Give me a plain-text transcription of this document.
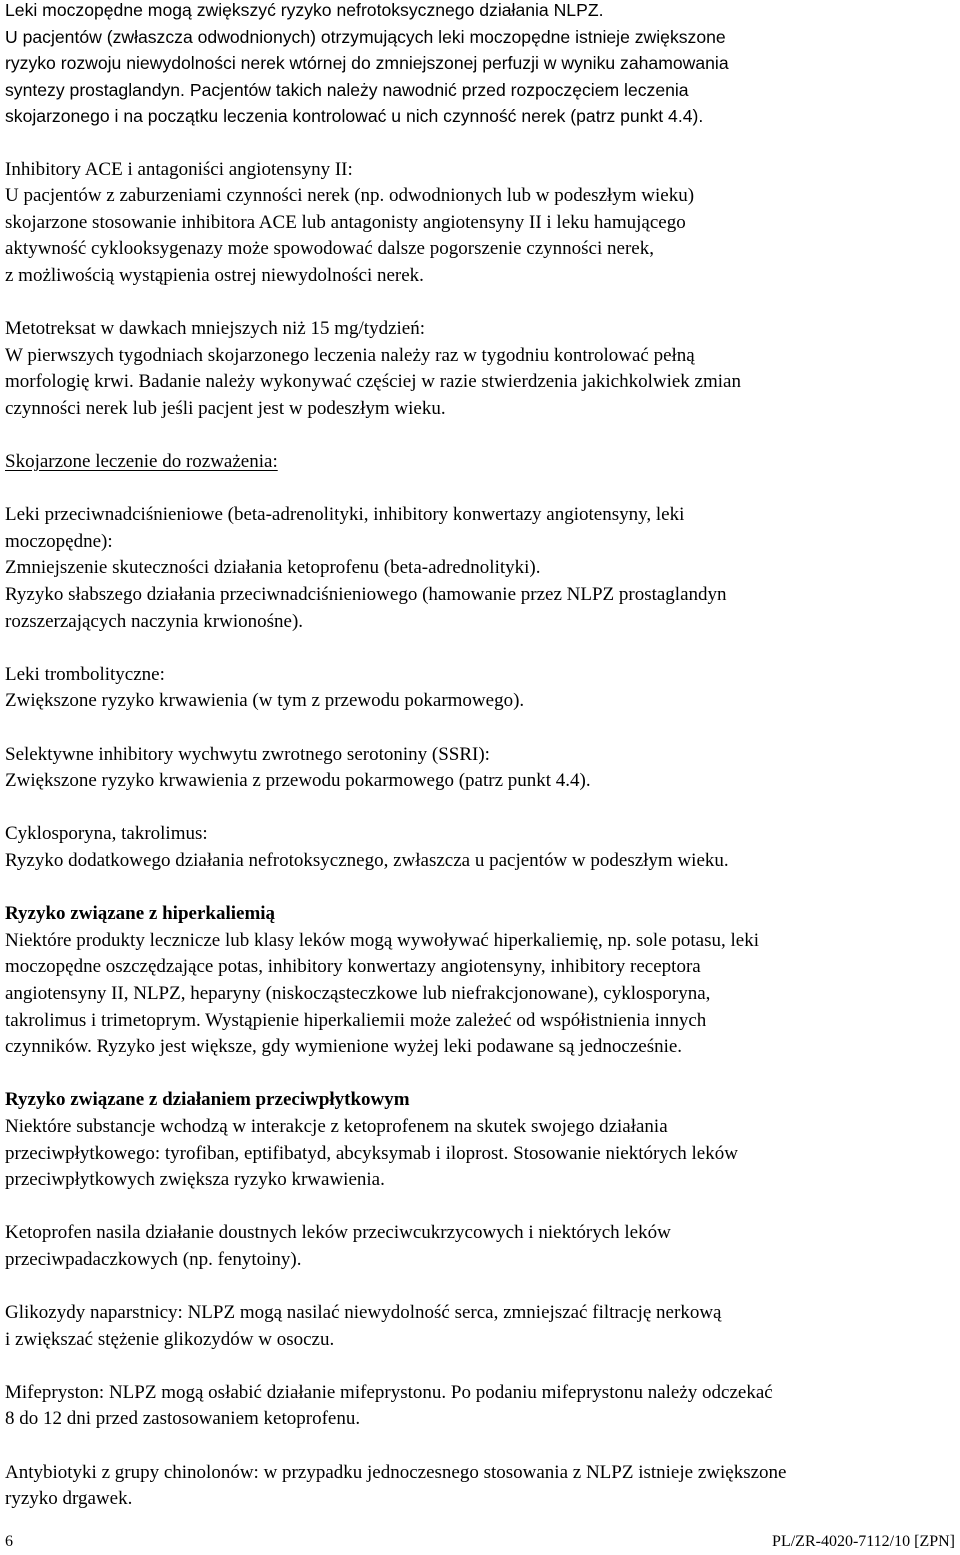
Leki moczopędne mogą zwiększyć ryzyko nefrotoksycznego działania NLPZ.
U pacjentów (zwłaszcza odwodnionych) otrzymujących leki moczopędne istnieje zwiększone
ryzyko rozwoju niewydolności nerek wtórnej do zmniejszonej perfuzji w wyniku zahamowania
syntezy prostaglandyn. Pacjentów takich należy nawodnić przed rozpoczęciem leczenia
skojarzonego i na początku leczenia kontrolować u nich czynność nerek (patrz punkt 4.4).
Inhibitory ACE i antagoniści angiotensyny II:
U pacjentów z zaburzeniami czynności nerek (np. odwodnionych lub w podeszłym wieku)
skojarzone stosowanie inhibitora ACE lub antagonisty angiotensyny II i leku hamującego
aktywność cyklooksygenazy może spowodować dalsze pogorszenie czynności nerek,
z możliwością wystąpienia ostrej niewydolności nerek.
Metotreksat w dawkach mniejszych niż 15 mg/tydzień:
W pierwszych tygodniach skojarzonego leczenia należy raz w tygodniu kontrolować pełną
morfologię krwi. Badanie należy wykonywać częściej w razie stwierdzenia jakichkolwiek zmian
czynności nerek lub jeśli pacjent jest w podeszłym wieku.
Skojarzone leczenie do rozważenia:
Leki przeciwnadciśnieniowe (beta-adrenolityki, inhibitory konwertazy angiotensyny, leki
moczopędne):
Zmniejszenie skuteczności działania ketoprofenu (beta-adrednolityki).
Ryzyko słabszego działania przeciwnadciśnieniowego (hamowanie przez NLPZ prostaglandyn
rozszerzających naczynia krwionośne).
Leki trombolityczne:
Zwiększone ryzyko krwawienia (w tym z przewodu pokarmowego).
Selektywne inhibitory wychwytu zwrotnego serotoniny (SSRI):
Zwiększone ryzyko krwawienia z przewodu pokarmowego (patrz punkt 4.4).
Cyklosporyna, takrolimus:
Ryzyko dodatkowego działania nefrotoksycznego, zwłaszcza u pacjentów w podeszłym wieku.
Ryzyko związane z hiperkaliemią
Niektóre produkty lecznicze lub klasy leków mogą wywoływać hiperkaliemię, np. sole potasu, leki
moczopędne oszczędzające potas, inhibitory konwertazy angiotensyny, inhibitory receptora
angiotensyny II, NLPZ, heparyny (niskocząsteczkowe lub niefrakcjonowane), cyklosporyna,
takrolimus i trimetoprym. Wystąpienie hiperkaliemii może zależeć od współistnienia innych
czynników. Ryzyko jest większe, gdy wymienione wyżej leki podawane są jednocześnie.
Ryzyko związane z działaniem przeciwpłytkowym
Niektóre substancje wchodzą w interakcje z ketoprofenem na skutek swojego działania
przeciwpłytkowego: tyrofiban, eptifibatyd, abcyksymab i iloprost. Stosowanie niektórych leków
przeciwpłytkowych zwiększa ryzyko krwawienia.
Ketoprofen nasila działanie doustnych leków przeciwcukrzycowych i niektórych leków
przeciwpadaczkowych (np. fenytoiny).
Glikozydy naparstnicy: NLPZ mogą nasilać niewydolność serca, zmniejszać filtrację nerkową
i zwiększać stężenie glikozydów w osoczu.
Mifepryston: NLPZ mogą osłabić działanie mifeprystonu. Po podaniu mifeprystonu należy odczekać
8 do 12 dni przed zastosowaniem ketoprofenu.
Antybiotyki z grupy chinolonów: w przypadku jednoczesnego stosowania z NLPZ istnieje zwiększone
ryzyko drgawek.
6	PL/ZR-4020-7112/10 [ZPN]
